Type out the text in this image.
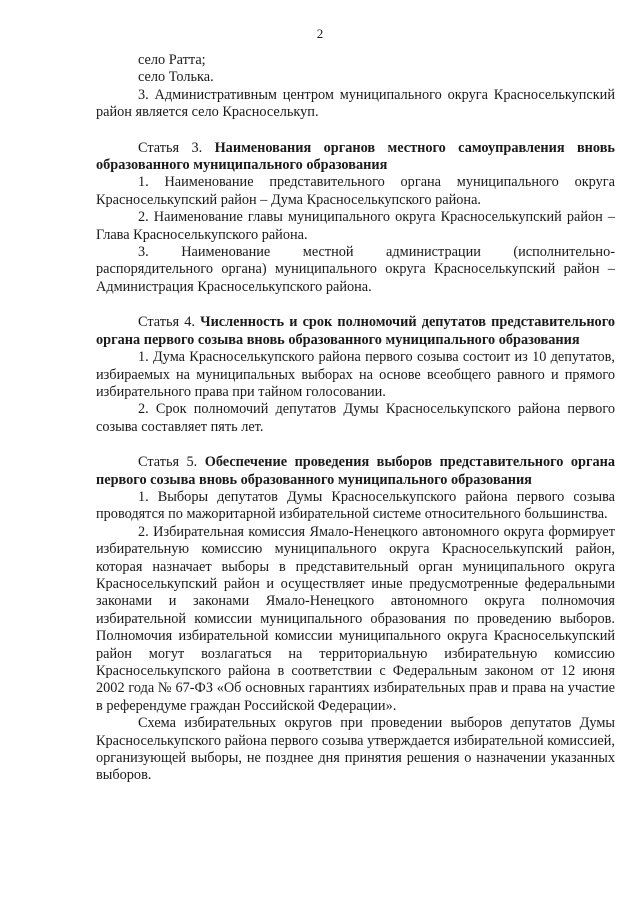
2

село Ратта;

село Толька.

3. Административным центром муниципального округа Красноселькупский район является село Красноселькуп.

Статья 3. Наименования органов местного самоуправления вновь образованного муниципального образования

1. Наименование представительного органа муниципального округа Красноселькупский район – Дума Красноселькупского района.

2. Наименование главы муниципального округа Красноселькупский район – Глава Красноселькупского района.

3. Наименование местной администрации (исполнительно-распорядительного органа) муниципального округа Красноселькупский район – Администрация Красноселькупского района.

Статья 4. Численность и срок полномочий депутатов представительного органа первого созыва вновь образованного муниципального образования

1. Дума Красноселькупского района первого созыва состоит из 10 депутатов, избираемых на муниципальных выборах на основе всеобщего равного и прямого избирательного права при тайном голосовании.

2. Срок полномочий депутатов Думы Красноселькупского района первого созыва составляет пять лет.

Статья 5. Обеспечение проведения выборов представительного органа первого созыва вновь образованного муниципального образования

1. Выборы депутатов Думы Красноселькупского района первого созыва проводятся по мажоритарной избирательной системе относительного большинства.

2. Избирательная комиссия Ямало-Ненецкого автономного округа формирует избирательную комиссию муниципального округа Красноселькупский район, которая назначает выборы в представительный орган муниципального округа Красноселькупский район и осуществляет иные предусмотренные федеральными законами и законами Ямало-Ненецкого автономного округа полномочия избирательной комиссии муниципального образования по проведению выборов. Полномочия избирательной комиссии муниципального округа Красноселькупский район могут возлагаться на территориальную избирательную комиссию Красноселькупского района в соответствии с Федеральным законом от 12 июня 2002 года № 67-ФЗ «Об основных гарантиях избирательных прав и права на участие в референдуме граждан Российской Федерации».

Схема избирательных округов при проведении выборов депутатов Думы Красноселькупского района первого созыва утверждается избирательной комиссией, организующей выборы, не позднее дня принятия решения о назначении указанных выборов.
